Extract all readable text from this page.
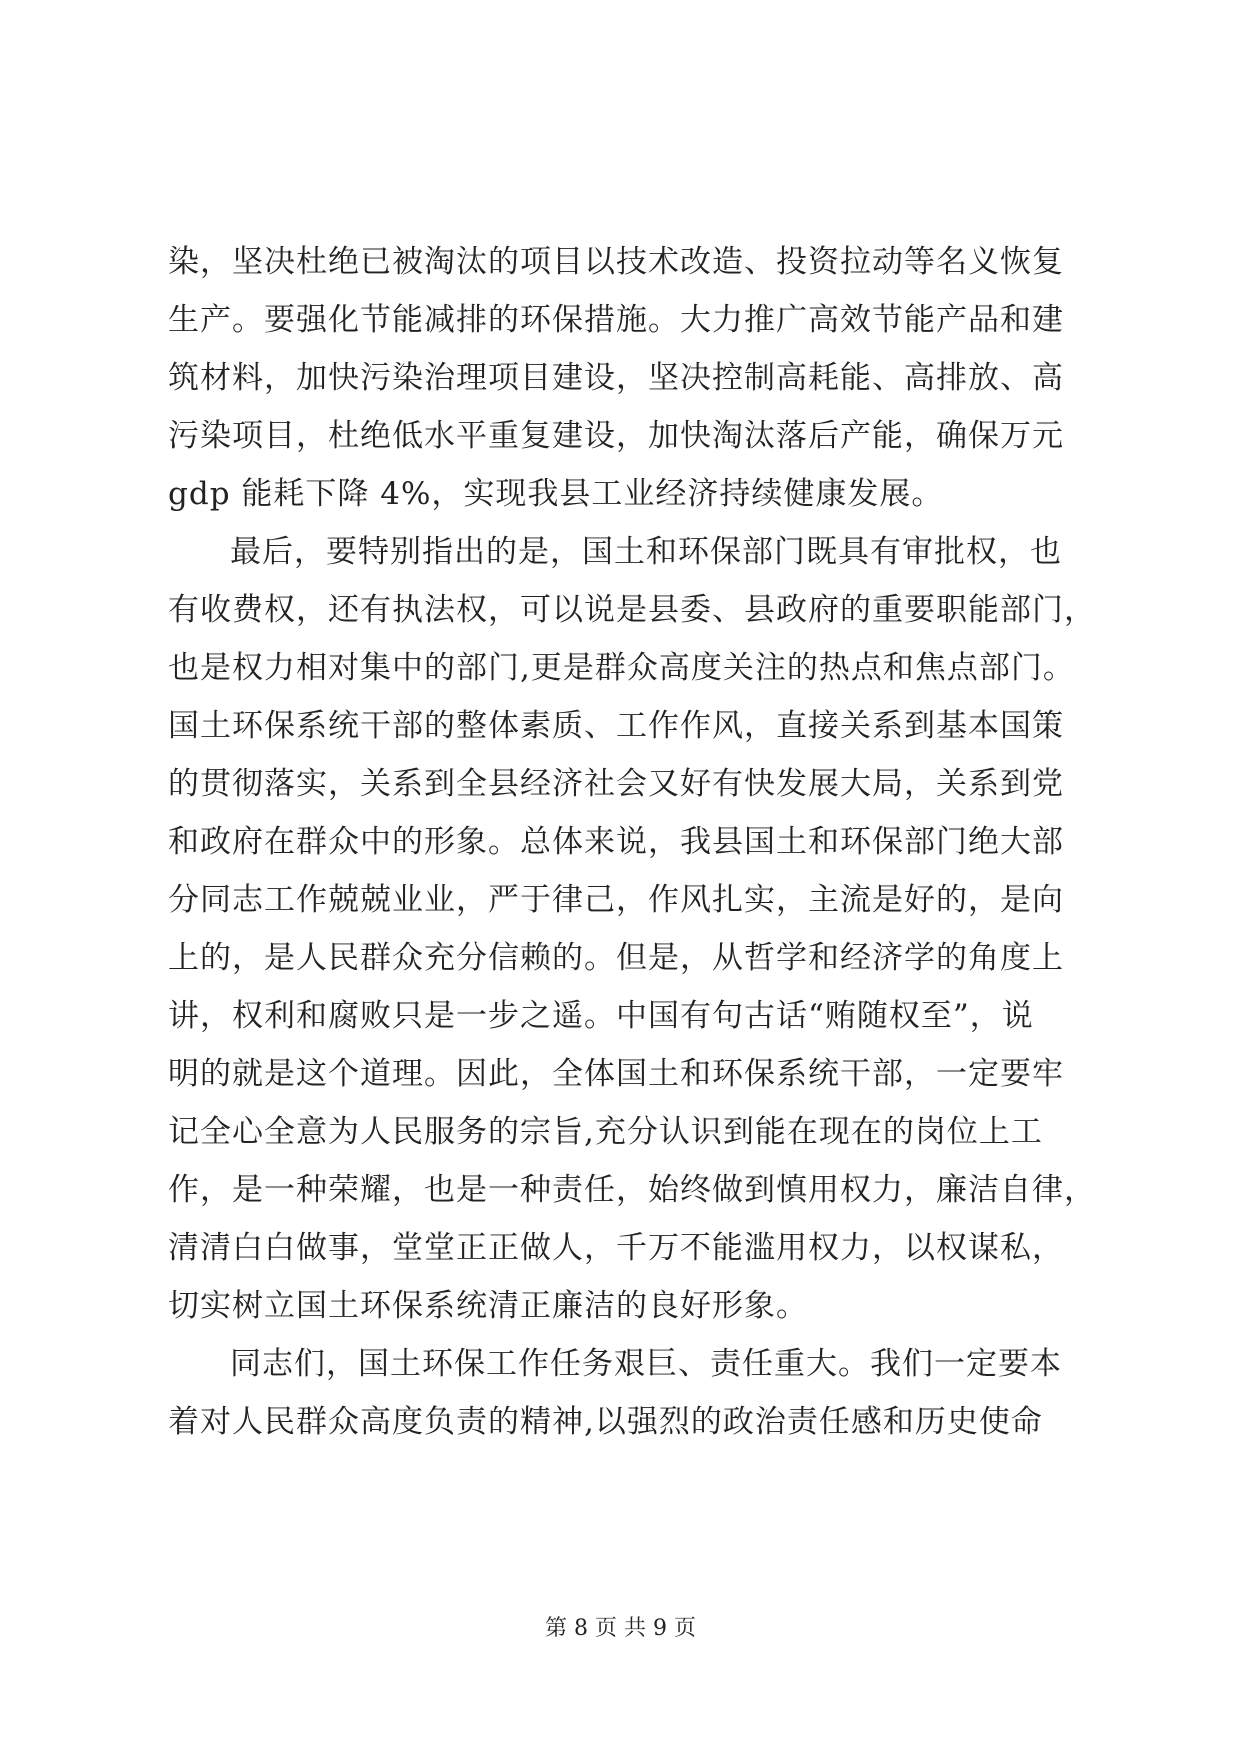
染，坚决杜绝已被淘汰的项目以技术改造、投资拉动等名义恢复
生产。要强化节能减排的环保措施。大力推广高效节能产品和建
筑材料，加快污染治理项目建设，坚决控制高耗能、高排放、高
污染项目，杜绝低水平重复建设，加快淘汰落后产能，确保万元
gdp 能耗下降 4%，实现我县工业经济持续健康发展。
最后，要特别指出的是，国土和环保部门既具有审批权，也
有收费权，还有执法权，可以说是县委、县政府的重要职能部门，
也是权力相对集中的部门,更是群众高度关注的热点和焦点部门。
国土环保系统干部的整体素质、工作作风，直接关系到基本国策
的贯彻落实，关系到全县经济社会又好有快发展大局，关系到党
和政府在群众中的形象。总体来说，我县国土和环保部门绝大部
分同志工作兢兢业业，严于律己，作风扎实，主流是好的，是向
上的，是人民群众充分信赖的。但是，从哲学和经济学的角度上
讲，权利和腐败只是一步之遥。中国有句古话“贿随权至”，说
明的就是这个道理。因此，全体国土和环保系统干部，一定要牢
记全心全意为人民服务的宗旨,充分认识到能在现在的岗位上工
作，是一种荣耀，也是一种责任，始终做到慎用权力，廉洁自律，
清清白白做事，堂堂正正做人，千万不能滥用权力，以权谋私，
切实树立国土环保系统清正廉洁的良好形象。
同志们，国土环保工作任务艰巨、责任重大。我们一定要本
着对人民群众高度负责的精神,以强烈的政治责任感和历史使命
第 8 页 共 9 页
